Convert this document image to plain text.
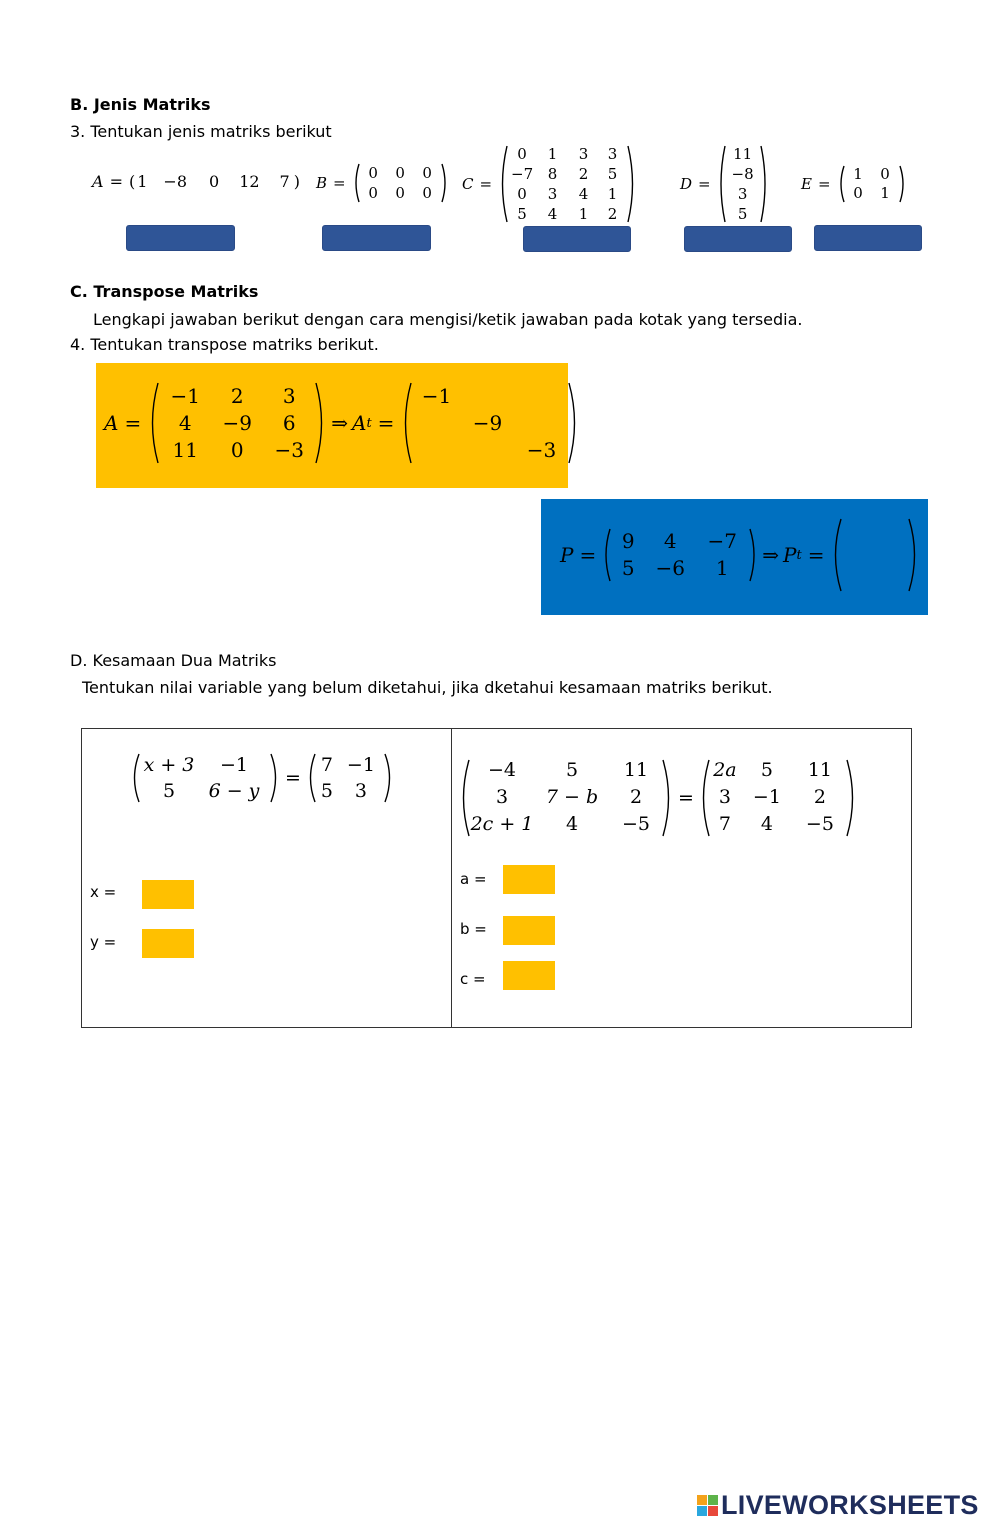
B. Jenis Matriks
3. Tentukan jenis matriks berikut
A = ( 1 −8 0 12 7 ) B =
0 0 0
0 0 0 C =
0 1 3 3
−7 8 2 5
0 3 4 1
5 4 1 2
D =
11
−8
3
5
E =
1 0
0 1
C. Transpose Matriks
Lengkapi jawaban berikut dengan cara mengisi/ketik jawaban pada kotak yang tersedia.
4. Tentukan transpose matriks berikut.
A =
−1 2 3
4 −9 6
11 0 −3
⇒ A t =
−1
−9
−3
P =
9 4 −7
5 −6 1
⇒ P t =
D. Kesamaan Dua Matriks
Tentukan nilai variable yang belum diketahui, jika dketahui kesamaan matriks berikut.
x + 3 −1
5 6 − y
=
7 −1
5 3
x =
y =
−4	5 11
3 7 − b 2
2c + 1 4 −5
=
2a 5 11
3 −1 2
7 4 −5
a =
b =
c =
LIVEWORKSHEETS
